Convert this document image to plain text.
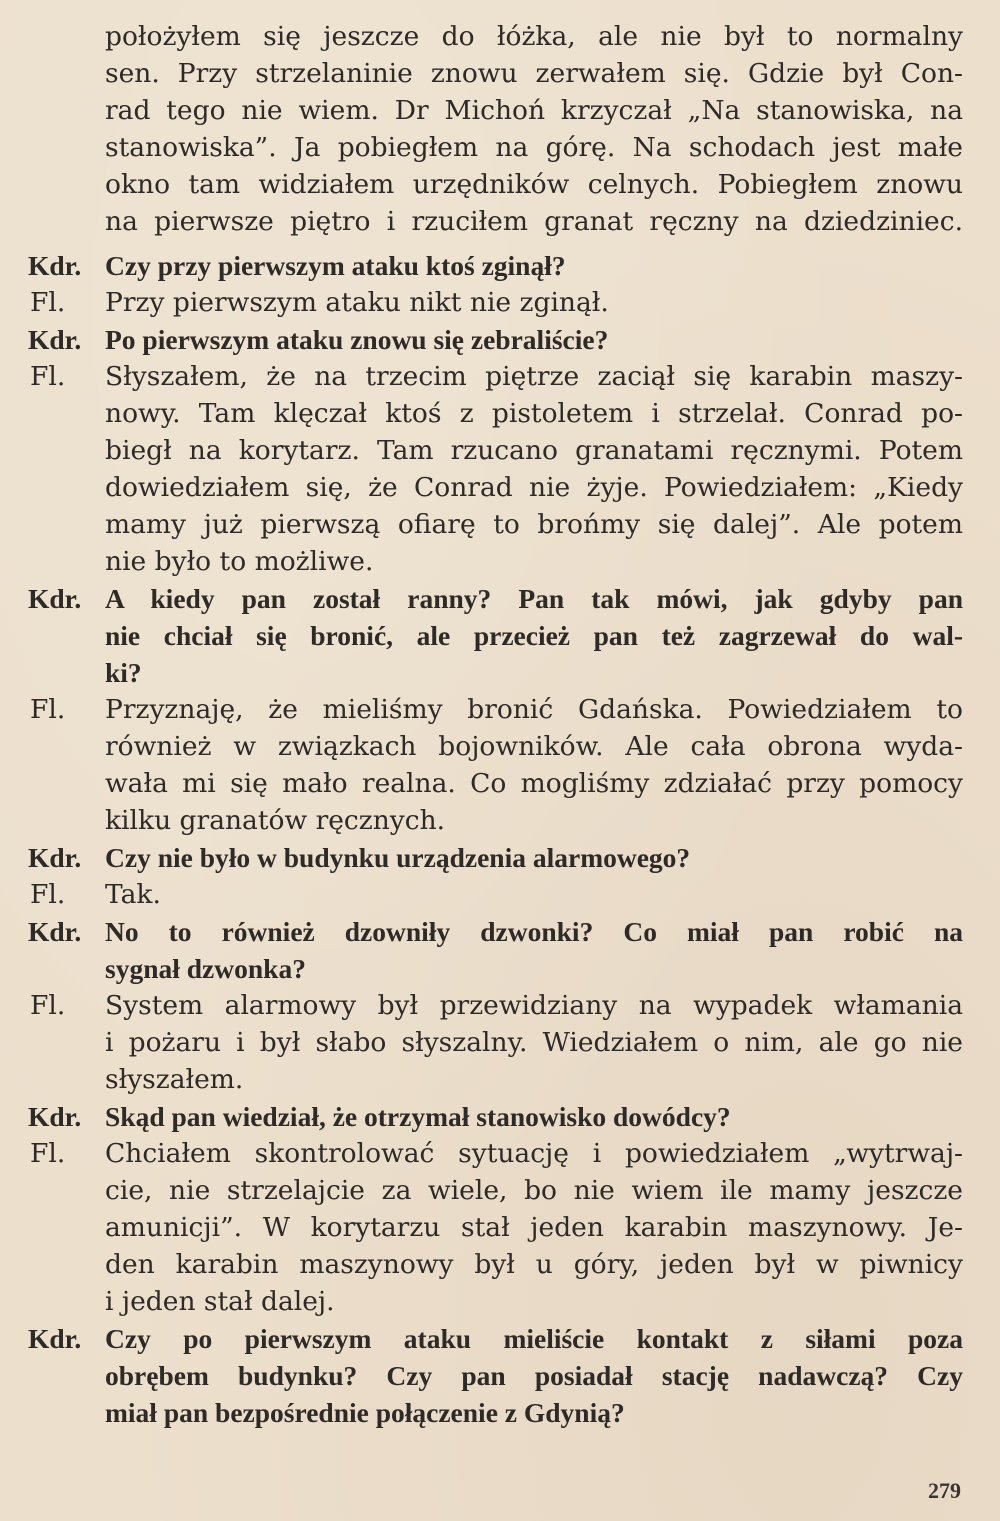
położyłem się jeszcze do łóżka, ale nie był to normalny
sen. Przy strzelaninie znowu zerwałem się. Gdzie był Con-
rad tego nie wiem. Dr Michoń krzyczał „Na stanowiska, na
stanowiska”. Ja pobiegłem na górę. Na schodach jest małe
okno tam widziałem urzędników celnych. Pobiegłem znowu
na pierwsze piętro i rzuciłem granat ręczny na dziedziniec.
Kdr. Czy przy pierwszym ataku ktoś zginął?
Fl. Przy pierwszym ataku nikt nie zginął.
Kdr. Po pierwszym ataku znowu się zebraliście?
Fl. Słyszałem, że na trzecim piętrze zaciął się karabin maszy-
nowy. Tam klęczał ktoś z pistoletem i strzelał. Conrad po-
biegł na korytarz. Tam rzucano granatami ręcznymi. Potem
dowiedziałem się, że Conrad nie żyje. Powiedziałem: „Kiedy
mamy już pierwszą ofiarę to brońmy się dalej”. Ale potem
nie było to możliwe.
Kdr. A kiedy pan został ranny? Pan tak mówi, jak gdyby pan
nie chciał się bronić, ale przecież pan też zagrzewał do wal-
ki?
Fl. Przyznaję, że mieliśmy bronić Gdańska. Powiedziałem to
również w związkach bojowników. Ale cała obrona wyda-
wała mi się mało realna. Co mogliśmy zdziałać przy pomocy
kilku granatów ręcznych.
Kdr. Czy nie było w budynku urządzenia alarmowego?
Fl. Tak.
Kdr. No to również dzowniły dzwonki? Co miał pan robić na
sygnał dzwonka?
Fl. System alarmowy był przewidziany na wypadek włamania
i pożaru i był słabo słyszalny. Wiedziałem o nim, ale go nie
słyszałem.
Kdr. Skąd pan wiedział, że otrzymał stanowisko dowódcy?
Fl. Chciałem skontrolować sytuację i powiedziałem „wytrwaj-
cie, nie strzelajcie za wiele, bo nie wiem ile mamy jeszcze
amunicji”. W korytarzu stał jeden karabin maszynowy. Je-
den karabin maszynowy był u góry, jeden był w piwnicy
i jeden stał dalej.
Kdr. Czy po pierwszym ataku mieliście kontakt z siłami poza
obrębem budynku? Czy pan posiadał stację nadawczą? Czy
miał pan bezpośrednie połączenie z Gdynią?
279
